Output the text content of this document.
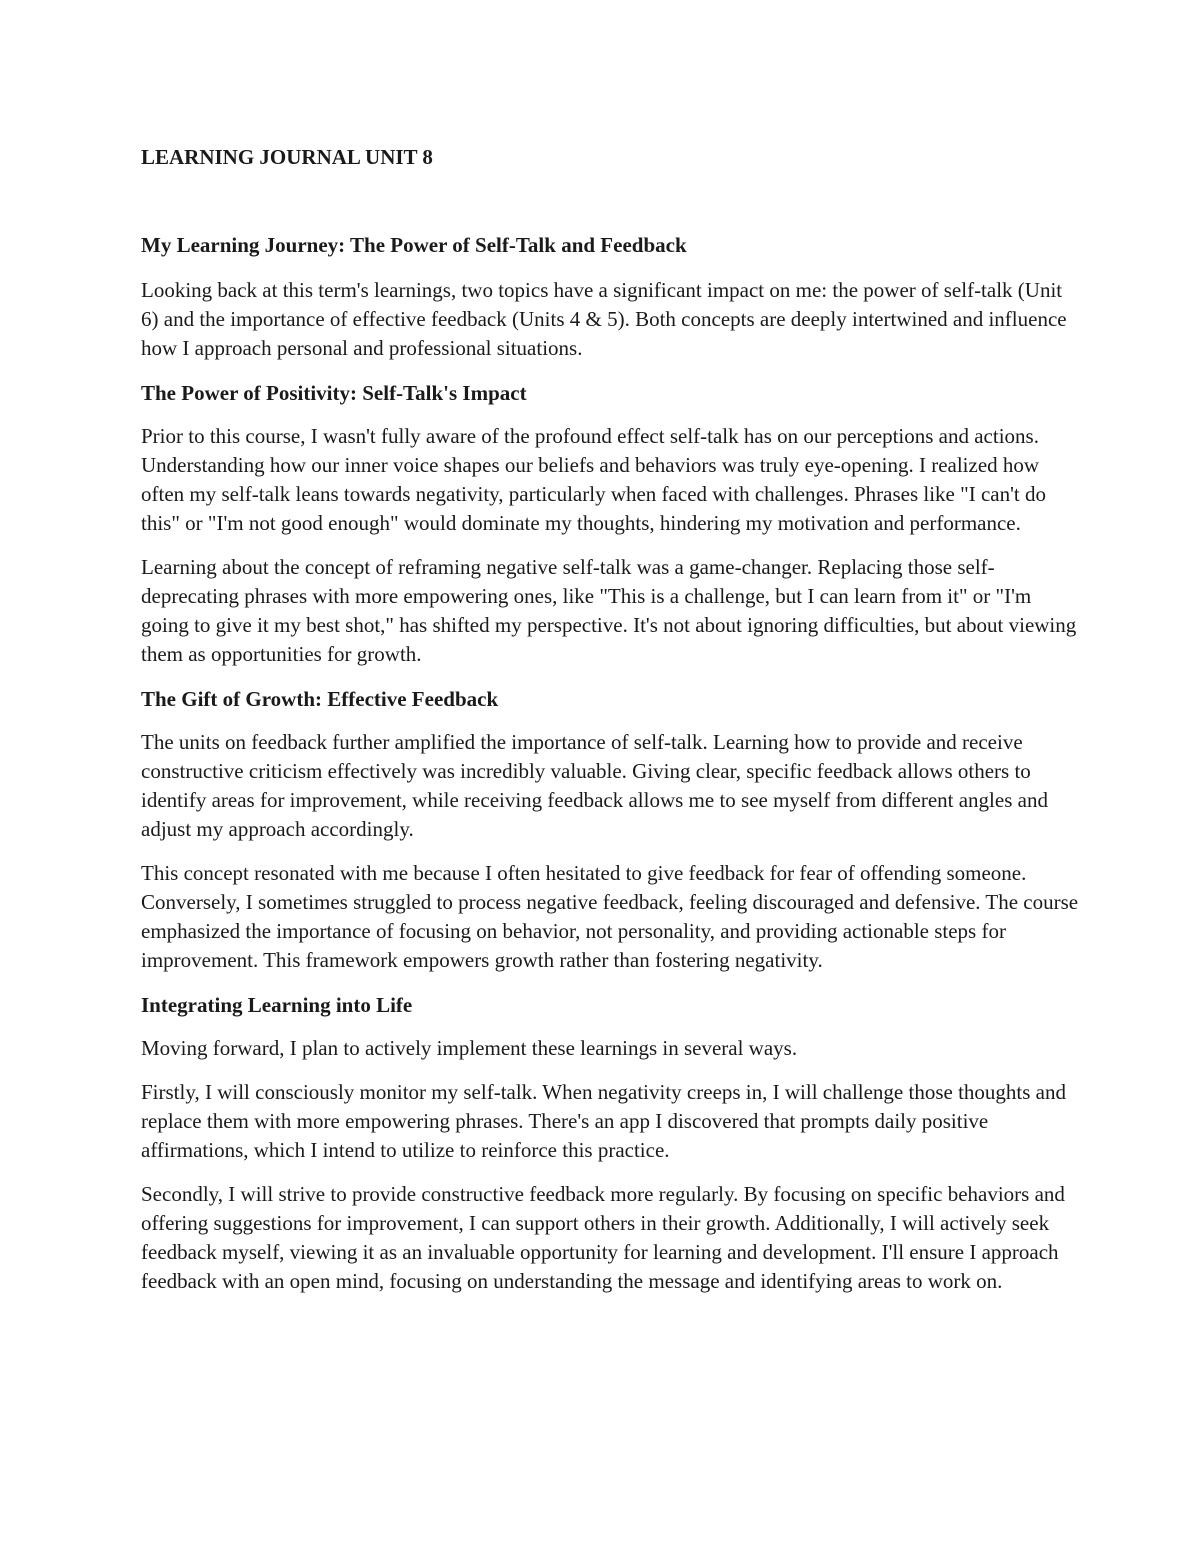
LEARNING JOURNAL UNIT 8
My Learning Journey: The Power of Self-Talk and Feedback

Looking back at this term's learnings, two topics have a significant impact on me: the power of self-talk (Unit 6) and the importance of effective feedback (Units 4 & 5). Both concepts are deeply intertwined and influence how I approach personal and professional situations.

The Power of Positivity: Self-Talk's Impact

Prior to this course, I wasn't fully aware of the profound effect self-talk has on our perceptions and actions. Understanding how our inner voice shapes our beliefs and behaviors was truly eye-opening. I realized how often my self-talk leans towards negativity, particularly when faced with challenges. Phrases like "I can't do this" or "I'm not good enough" would dominate my thoughts, hindering my motivation and performance.

Learning about the concept of reframing negative self-talk was a game-changer. Replacing those self-deprecating phrases with more empowering ones, like "This is a challenge, but I can learn from it" or "I'm going to give it my best shot," has shifted my perspective. It's not about ignoring difficulties, but about viewing them as opportunities for growth.

The Gift of Growth: Effective Feedback

The units on feedback further amplified the importance of self-talk. Learning how to provide and receive constructive criticism effectively was incredibly valuable. Giving clear, specific feedback allows others to identify areas for improvement, while receiving feedback allows me to see myself from different angles and adjust my approach accordingly.

This concept resonated with me because I often hesitated to give feedback for fear of offending someone. Conversely, I sometimes struggled to process negative feedback, feeling discouraged and defensive. The course emphasized the importance of focusing on behavior, not personality, and providing actionable steps for improvement. This framework empowers growth rather than fostering negativity.

Integrating Learning into Life

Moving forward, I plan to actively implement these learnings in several ways.

Firstly, I will consciously monitor my self-talk. When negativity creeps in, I will challenge those thoughts and replace them with more empowering phrases. There's an app I discovered that prompts daily positive affirmations, which I intend to utilize to reinforce this practice.

Secondly, I will strive to provide constructive feedback more regularly. By focusing on specific behaviors and offering suggestions for improvement, I can support others in their growth. Additionally, I will actively seek feedback myself, viewing it as an invaluable opportunity for learning and development. I'll ensure I approach feedback with an open mind, focusing on understanding the message and identifying areas to work on.
